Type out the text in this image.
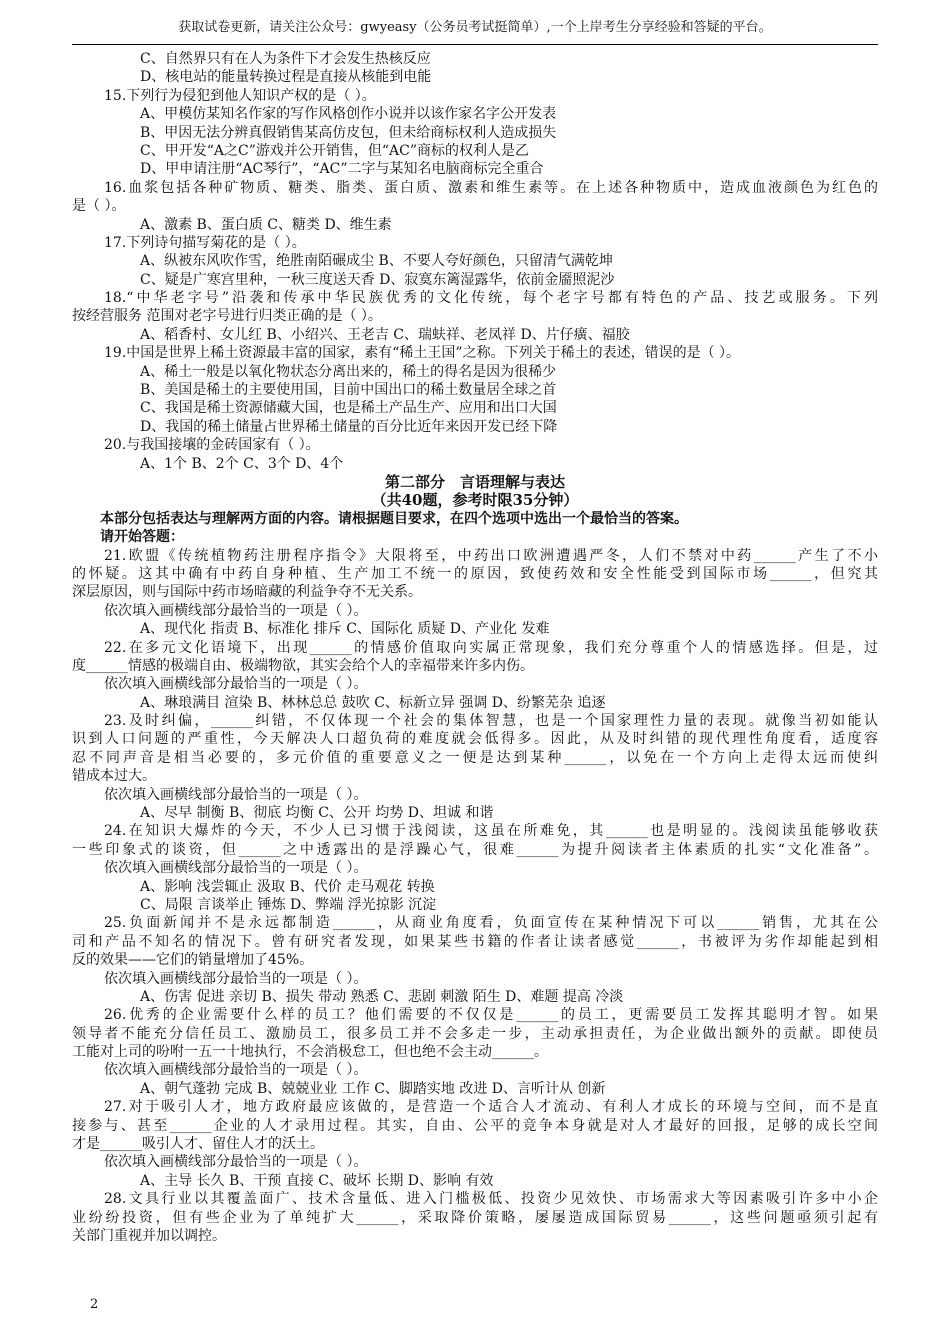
获取试卷更新，请关注公众号：gwyeasy（公务员考试挺简单）,一个上岸考生分享经验和答疑的平台。
C、自然界只有在人为条件下才会发生热核反应
D、核电站的能量转换过程是直接从核能到电能
15.下列行为侵犯到他人知识产权的是（ ）。
A、甲模仿某知名作家的写作风格创作小说并以该作家名字公开发表
B、甲因无法分辨真假销售某高仿皮包，但未给商标权利人造成损失
C、甲开发“A之C”游戏并公开销售，但“AC”商标的权利人是乙
D、甲申请注册“AC琴行”，“AC”二字与某知名电脑商标完全重合
16.血浆包括各种矿物质、糖类、脂类、蛋白质、激素和维生素等。在上述各种物质中，造成血液颜色为红色的
是（ ）。
A、激素 B、蛋白质 C、糖类 D、维生素
17.下列诗句描写菊花的是（ ）。
A、纵被东风吹作雪，绝胜南陌碾成尘 B、不要人夸好颜色，只留清气满乾坤
C、疑是广寒宫里种，一秋三度送天香 D、寂寞东篱湿露华，依前金靥照泥沙
18.“中华老字号”沿袭和传承中华民族优秀的文化传统，每个老字号都有特色的产品、技艺或服务。下列
按经营服务 范围对老字号进行归类正确的是（ ）。
A、稻香村、女儿红 B、小绍兴、王老吉 C、瑞蚨祥、老凤祥 D、片仔癀、福胶
19.中国是世界上稀土资源最丰富的国家，素有“稀土王国”之称。下列关于稀土的表述，错误的是（ ）。
A、稀土一般是以氧化物状态分离出来的，稀土的得名是因为很稀少
B、美国是稀土的主要使用国，目前中国出口的稀土数量居全球之首
C、我国是稀土资源储藏大国，也是稀土产品生产、应用和出口大国
D、我国的稀土储量占世界稀土储量的百分比近年来因开发已经下降
20.与我国接壤的金砖国家有（ ）。
A、1个 B、2个 C、3个 D、4个
第二部分　言语理解与表达
（共40题，参考时限35分钟）
本部分包括表达与理解两方面的内容。请根据题目要求，在四个选项中选出一个最恰当的答案。
请开始答题：
21.欧盟《传统植物药注册程序指令》大限将至，中药出口欧洲遭遇严冬，人们不禁对中药______产生了不小
的怀疑。这其中确有中药自身种植、生产加工不统一的原因，致使药效和安全性能受到国际市场______，但究其
深层原因，则与国际中药市场暗藏的利益争夺不无关系。
依次填入画横线部分最恰当的一项是（ ）。
A、现代化 指责 B、标准化 排斥 C、国际化 质疑 D、产业化 发难
22.在多元文化语境下，出现______的情感价值取向实属正常现象，我们充分尊重个人的情感选择。但是，过
度______情感的极端自由、极端物欲，其实会给个人的幸福带来许多内伤。
依次填入画横线部分最恰当的一项是（ ）。
A、琳琅满目 渲染 B、林林总总 鼓吹 C、标新立异 强调 D、纷繁芜杂 追逐
23.及时纠偏，______纠错，不仅体现一个社会的集体智慧，也是一个国家理性力量的表现。就像当初如能认
识到人口问题的严重性，今天解决人口超负荷的难度就会低得多。因此，从及时纠错的现代理性角度看，适度容
忍不同声音是相当必要的，多元价值的重要意义之一便是达到某种______，以免在一个方向上走得太远而使纠
错成本过大。
依次填入画横线部分最恰当的一项是（ ）。
A、尽早 制衡 B、彻底 均衡 C、公开 均势 D、坦诚 和谐
24.在知识大爆炸的今天，不少人已习惯于浅阅读，这虽在所难免，其______也是明显的。浅阅读虽能够收获
一些印象式的谈资，但______之中透露出的是浮躁心气，很难______为提升阅读者主体素质的扎实“文化准备”。
依次填入画横线部分最恰当的一项是（ ）。
A、影响 浅尝辄止 汲取 B、代价 走马观花 转换
C、局限 言谈举止 锤炼 D、弊端 浮光掠影 沉淀
25.负面新闻并不是永远都制造______，从商业角度看，负面宣传在某种情况下可以______销售，尤其在公
司和产品不知名的情况下。曾有研究者发现，如果某些书籍的作者让读者感觉______，书被评为劣作却能起到相
反的效果——它们的销量增加了45%。
依次填入画横线部分最恰当的一项是（ ）。
A、伤害 促进 亲切 B、损失 带动 熟悉 C、悲剧 刺激 陌生 D、难题 提高 冷淡
26.优秀的企业需要什么样的员工？他们需要的不仅仅是______的员工，更需要员工发挥其聪明才智。如果
领导者不能充分信任员工、激励员工，很多员工并不会多走一步，主动承担责任，为企业做出额外的贡献。即使员
工能对上司的吩咐一五一十地执行，不会消极怠工，但也绝不会主动______。
依次填入画横线部分最恰当的一项是（ ）。
A、朝气蓬勃 完成 B、兢兢业业 工作 C、脚踏实地 改进 D、言听计从 创新
27.对于吸引人才，地方政府最应该做的，是营造一个适合人才流动、有利人才成长的环境与空间，而不是直
接参与、甚至______企业的人才录用过程。其实，自由、公平的竞争本身就是对人才最好的回报，足够的成长空间
才是______吸引人才、留住人才的沃土。
依次填入画横线部分最恰当的一项是（ ）。
A、主导 长久 B、干预 直接 C、破坏 长期 D、影响 有效
28.文具行业以其覆盖面广、技术含量低、进入门槛极低、投资少见效快、市场需求大等因素吸引许多中小企
业纷纷投资，但有些企业为了单纯扩大______，采取降价策略，屡屡造成国际贸易______，这些问题亟须引起有
关部门重视并加以调控。
2
